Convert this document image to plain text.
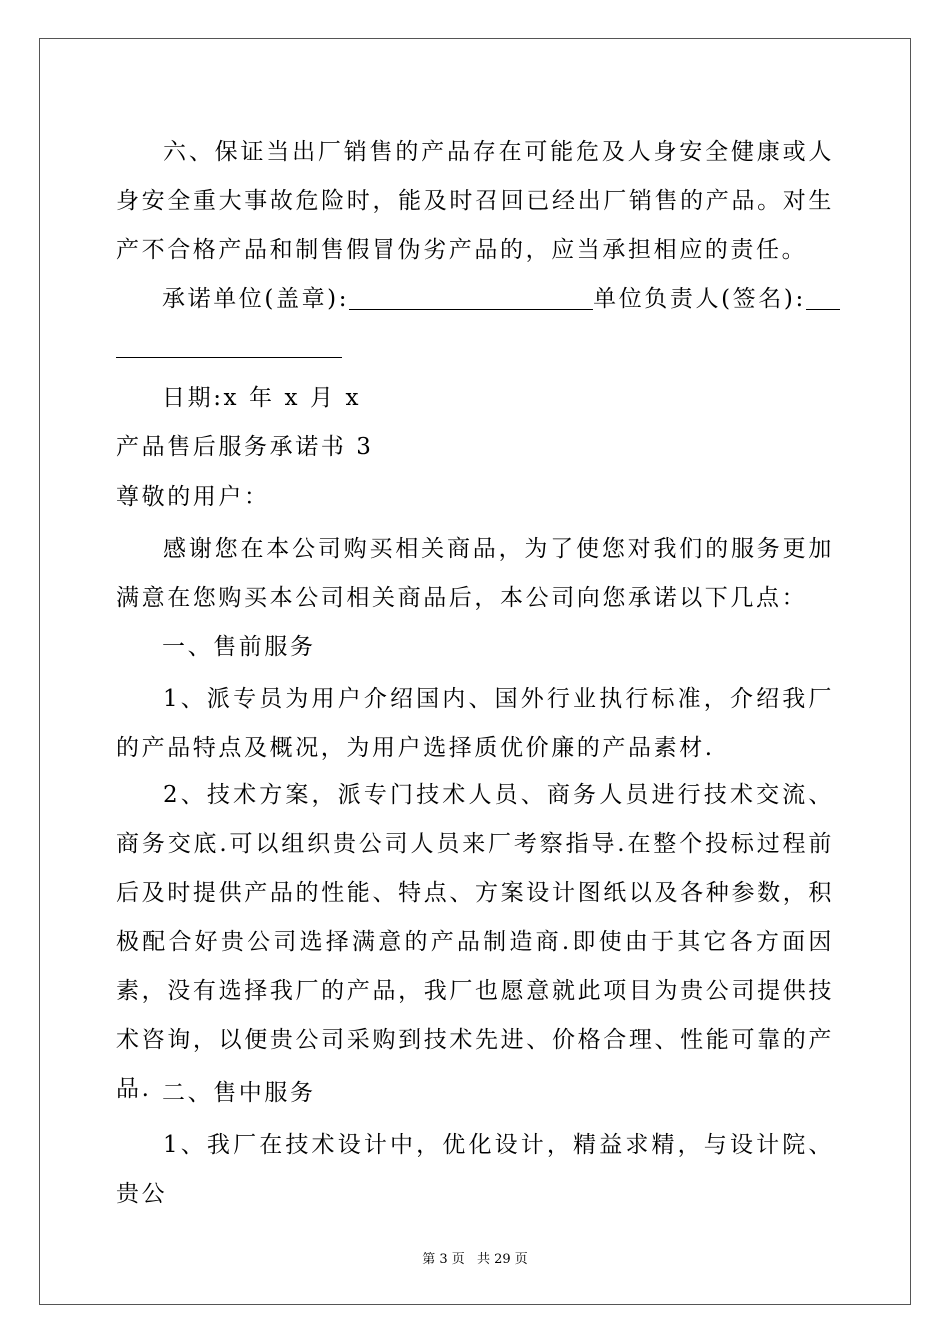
六、保证当出厂销售的产品存在可能危及人身安全健康或人身安全重大事故危险时，能及时召回已经出厂销售的产品。对生产不合格产品和制售假冒伪劣产品的，应当承担相应的责任。

承诺单位(盖章):	单位负责人(签名):

日期:x 年 x 月 x

产品售后服务承诺书 3

尊敬的用户：

感谢您在本公司购买相关商品，为了使您对我们的服务更加满意在您购买本公司相关商品后，本公司向您承诺以下几点：

一、售前服务

1、派专员为用户介绍国内、国外行业执行标准，介绍我厂的产品特点及概况，为用户选择质优价廉的产品素材.

2、技术方案，派专门技术人员、商务人员进行技术交流、商务交底.可以组织贵公司人员来厂考察指导.在整个投标过程前后及时提供产品的性能、特点、方案设计图纸以及各种参数，积极配合好贵公司选择满意的产品制造商.即使由于其它各方面因素，没有选择我厂的产品，我厂也愿意就此项目为贵公司提供技术咨询，以便贵公司采购到技术先进、价格合理、性能可靠的产品. 二、售中服务

1、我厂在技术设计中，优化设计，精益求精，与设计院、贵公

第 3 页 共 29 页
